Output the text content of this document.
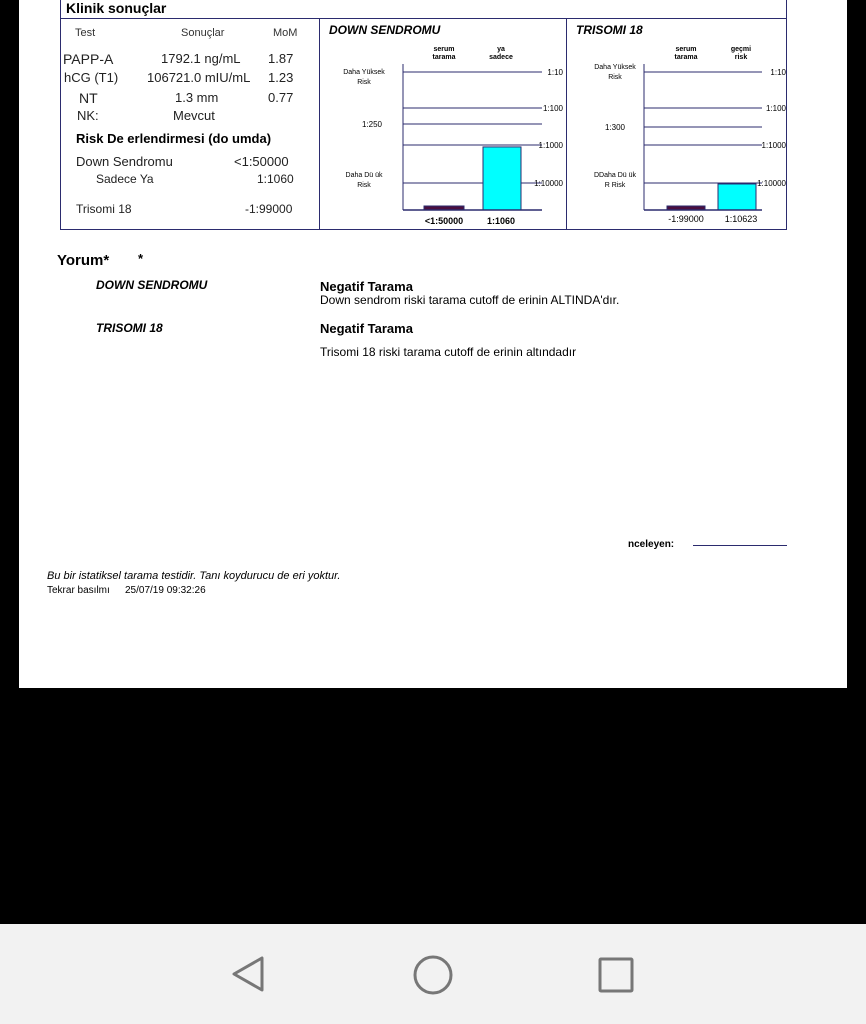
Klinik sonuçlar
Test	Sonuçlar	MoM
PAPP-A	1792.1 ng/mL 1.87
hCG (T1) 106721.0 mIU/mL 1.23
NT	1.3 mm	0.77
NK:	Mevcut
Risk De erlendirmesi (do umda)
Down Sendromu	<1:50000
Sadece Ya	1:1060
Trisomi 18	-1:99000
DOWN SENDROMU	TRISOMI 18
serum
tarama
ya
sadece
1:10
1:100
1:1000
1:10000
1:250
Daha Yüksek
Risk
Daha Dü ük
Risk
<1:50000	1:1060
serum
tarama
geçmi
risk
1:10
1:100
1:1000
1:10000
1:300
Daha Yüksek
Risk
DDaha Dü ük
R Risk
-1:99000 1:10623
Yorum* *
DOWN SENDROMU	Negatif Tarama
Down sendrom riski tarama cutoff de erinin ALTINDA'dır.
TRISOMI 18	Negatif Tarama
Trisomi 18 riski tarama cutoff de erinin altındadır
nceleyen:
Bu bir istatiksel tarama testidir. Tanı koydurucu de eri yoktur.
Tekrar basılmı 25/07/19 09:32:26
